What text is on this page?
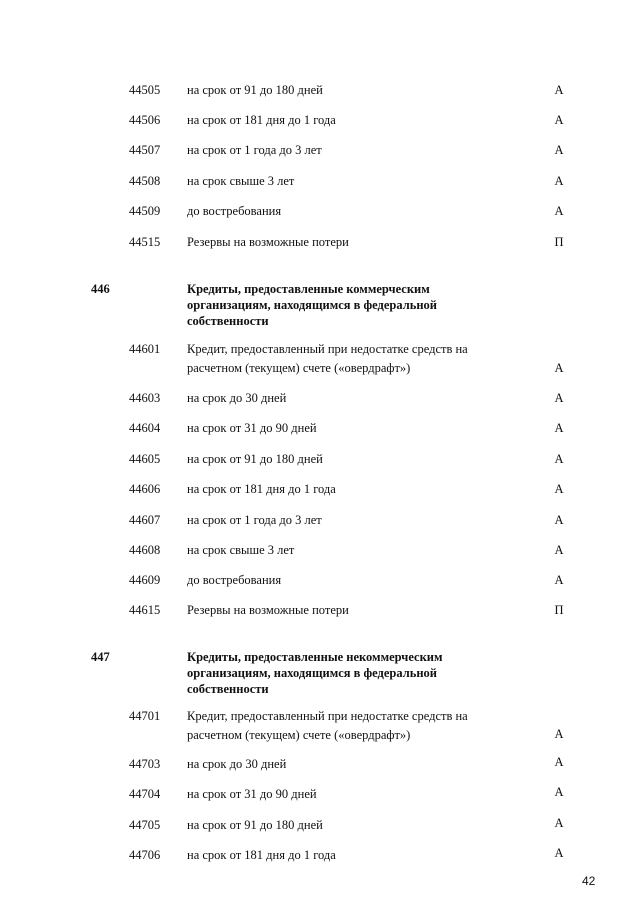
44505 на срок от 91 до 180 дней	А
44506 на срок от 181 дня до 1 года	А
44507 на срок от 1 года до 3 лет	А
44508 на срок свыше 3 лет	А
44509 до востребования	А
44515 Резервы на возможные потери	П
446	Кредиты, предоставленные коммерческим организациям, находящимся в федеральной собственности
44601 Кредит, предоставленный при недостатке средств на расчетном (текущем) счете («овердрафт»)	А
44603 на срок до 30 дней	А
44604 на срок от 31 до 90 дней	А
44605 на срок от 91 до 180 дней	А
44606 на срок от 181 дня до 1 года	А
44607 на срок от 1 года до 3 лет	А
44608 на срок свыше 3 лет	А
44609 до востребования	А
44615 Резервы на возможные потери	П
447	Кредиты, предоставленные некоммерческим организациям, находящимся в федеральной собственности
44701 Кредит, предоставленный при недостатке средств на расчетном (текущем) счете («овердрафт»)	А
44703 на срок до 30 дней	А
44704 на срок от 31 до 90 дней	А
44705 на срок от 91 до 180 дней	А
44706 на срок от 181 дня до 1 года	А
42
